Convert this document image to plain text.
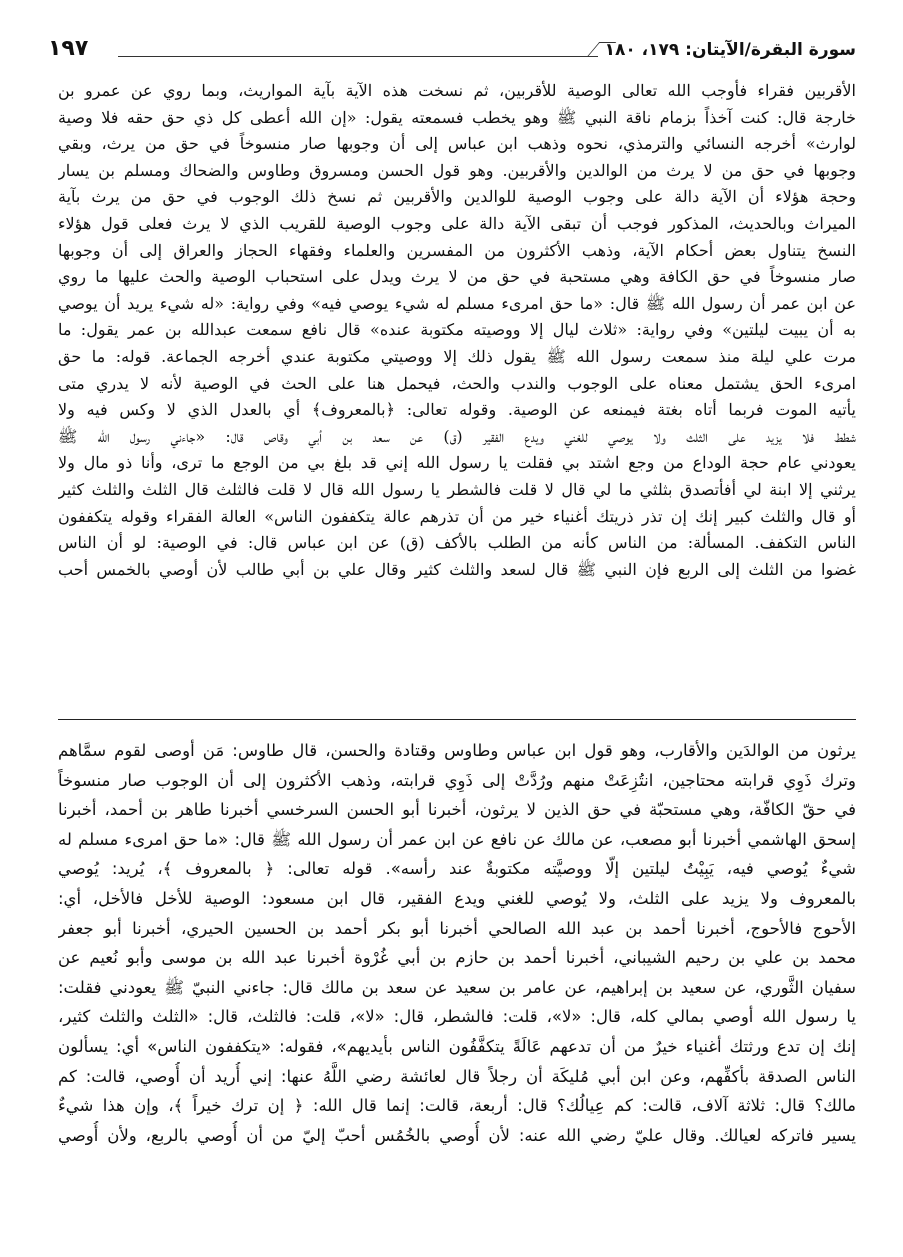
١٩٧	سورة البقرة/الآيتان: ١٧٩، ١٨٠
الأقربين فقراء فأوجب الله تعالى الوصية للأقربين، ثم نسخت هذه الآية بآية المواريث، وبما روي عن عمرو بن
خارجة قال: كنت آخذاً بزمام ناقة النبي ﷺ وهو يخطب فسمعته يقول: «إن الله أعطى كل ذي حق حقه فلا وصية
لوارث» أخرجه النسائي والترمذي، نحوه وذهب ابن عباس إلى أن وجوبها صار منسوخاً في حق من يرث، وبقي
وجوبها في حق من لا يرث من الوالدين والأقربين. وهو قول الحسن ومسروق وطاوس والضحاك ومسلم بن يسار
وحجة هؤلاء أن الآية دالة على وجوب الوصية للوالدين والأقربين ثم نسخ ذلك الوجوب في حق من يرث بآية
الميراث وبالحديث، المذكور فوجب أن تبقى الآية دالة على وجوب الوصية للقريب الذي لا يرث فعلى قول هؤلاء
النسخ يتناول بعض أحكام الآية، وذهب الأكثرون من المفسرين والعلماء وفقهاء الحجاز والعراق إلى أن وجوبها
صار منسوخاً في حق الكافة وهي مستحبة في حق من لا يرث ويدل على استحباب الوصية والحث عليها ما روي
عن ابن عمر أن رسول الله ﷺ قال: «ما حق امرىء مسلم له شيء يوصي فيه» وفي رواية: «له شيء يريد أن يوصي
به أن يبيت ليلتين» وفي رواية: «ثلاث ليال إلا ووصيته مكتوبة عنده» قال نافع سمعت عبدالله بن عمر يقول: ما
مرت علي ليلة منذ سمعت رسول الله ﷺ يقول ذلك إلا ووصيتي مكتوبة عندي أخرجه الجماعة. قوله: ما حق
امرىء الحق يشتمل معناه على الوجوب والندب والحث، فيحمل هنا على الحث في الوصية لأنه لا يدري متى
يأتيه الموت فربما أتاه بغتة فيمنعه عن الوصية. وقوله تعالى: ﴿بالمعروف﴾ أي بالعدل الذي لا وكس فيه ولا
شطط فلا يزيد على الثلث ولا يوصي للغني ويدع الفقير (ق) عن سعد بن أبي وقاص قال: «جاءني رسول الله ﷺ
يعودني عام حجة الوداع من وجع اشتد بي فقلت يا رسول الله إني قد بلغ بي من الوجع ما ترى، وأنا ذو مال ولا
يرثني إلا ابنة لي أفأتصدق بثلثي ما لي قال لا قلت فالشطر يا رسول الله قال لا قلت فالثلث قال الثلث والثلث كثير
أو قال والثلث كبير إنك إن تذر ذريتك أغنياء خير من أن تذرهم عالة يتكففون الناس» العالة الفقراء وقوله يتكففون
الناس التكفف. المسألة: من الناس كأنه من الطلب بالأكف (ق) عن ابن عباس قال: في الوصية: لو أن الناس
غضوا من الثلث إلى الربع فإن النبي ﷺ قال لسعد والثلث كثير وقال علي بن أبي طالب لأن أوصي بالخمس أحب
يرثون من الوالدَين والأقارب، وهو قول ابن عباس وطاوس وقتادة والحسن، قال طاوس: مَن أوصى لقوم سمَّاهم
وترك ذَوِي قرابته محتاجين، انتُزِعَتْ منهم ورُدَّتْ إلى ذَوِي قرابته، وذهب الأكثرون إلى أن الوجوب صار منسوخاً
في حقّ الكافّة، وهي مستحبّة في حق الذين لا يرثون، أخبرنا أبو الحسن السرخسي أخبرنا طاهر بن أحمد، أخبرنا
إسحق الهاشمي أخبرنا أبو مصعب، عن مالك عن نافع عن ابن عمر أن رسول الله ﷺ قال: «ما حق امرىء مسلم له
شيءٌ يُوصي فيه، يَبِيْتُ ليلتين إلّا ووصيَّته مكتوبةٌ عند رأسه». قوله تعالى: ﴿ بالمعروف ﴾، يُريد: يُوصي
بالمعروف ولا يزيد على الثلث، ولا يُوصي للغني ويدع الفقير، قال ابن مسعود: الوصية للأخل فالأخل، أي:
الأحوج فالأحوج، أخبرنا أحمد بن عبد الله الصالحي أخبرنا أبو بكر أحمد بن الحسين الحيري، أخبرنا أبو جعفر
محمد بن علي بن رحيم الشيباني، أخبرنا أحمد بن حازم بن أبي غُرْوة أخبرنا عبد الله بن موسى وأبو نُعيم عن
سفيان الثَّوري، عن سعيد بن إبراهيم، عن عامر بن سعيد عن سعد بن مالك قال: جاءني النبيّ ﷺ يعودني فقلت:
يا رسول الله أوصي بمالي كله، قال: «لا»، قلت: فالشطر، قال: «لا»، قلت: فالثلث، قال: «الثلث والثلث كثير،
إنك إن تدع ورثتك أغنياء خيرٌ من أن تدعهم عَالَةً يتكفَّفُون الناس بأيديهم»، فقوله: «يتكففون الناس» أي: يسألون
الناس الصدقة بأكفِّهم، وعن ابن أبي مُليكَة أن رجلاً قال لعائشة رضي اللَّهُ عنها: إني أُريد أن أُوصي، قالت: كم
مالك؟ قال: ثلاثة آلاف، قالت: كم عِيالُك؟ قال: أربعة، قالت: إنما قال الله: ﴿ إن ترك خيراً ﴾، وإن هذا شيءٌ
يسير فاتركه لعيالك. وقال عليّ رضي الله عنه: لأن أُوصي بالخُمُس أحبّ إليّ من أن أُوصي بالربع، ولأن أُوصي
